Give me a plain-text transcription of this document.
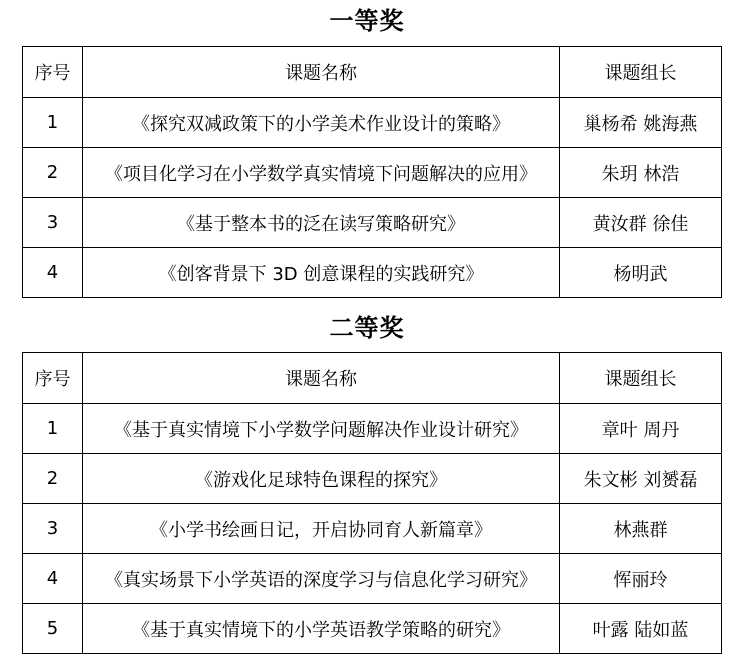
一等奖
序号	课题名称	课题组长
1	《探究双减政策下的小学美术作业设计的策略》	巢杨希 姚海燕
2	《项目化学习在小学数学真实情境下问题解决的应用》	朱玥 林浩
3	《基于整本书的泛在读写策略研究》	黄汝群 徐佳
4	《创客背景下 3D 创意课程的实践研究》	杨明武
二等奖
序号	课题名称	课题组长
1	《基于真实情境下小学数学问题解决作业设计研究》	章叶 周丹
2	《游戏化足球特色课程的探究》	朱文彬 刘赟磊
3	《小学书绘画日记，开启协同育人新篇章》	林燕群
4	《真实场景下小学英语的深度学习与信息化学习研究》	恽丽玲
5	《基于真实情境下的小学英语教学策略的研究》	叶露 陆如蓝
